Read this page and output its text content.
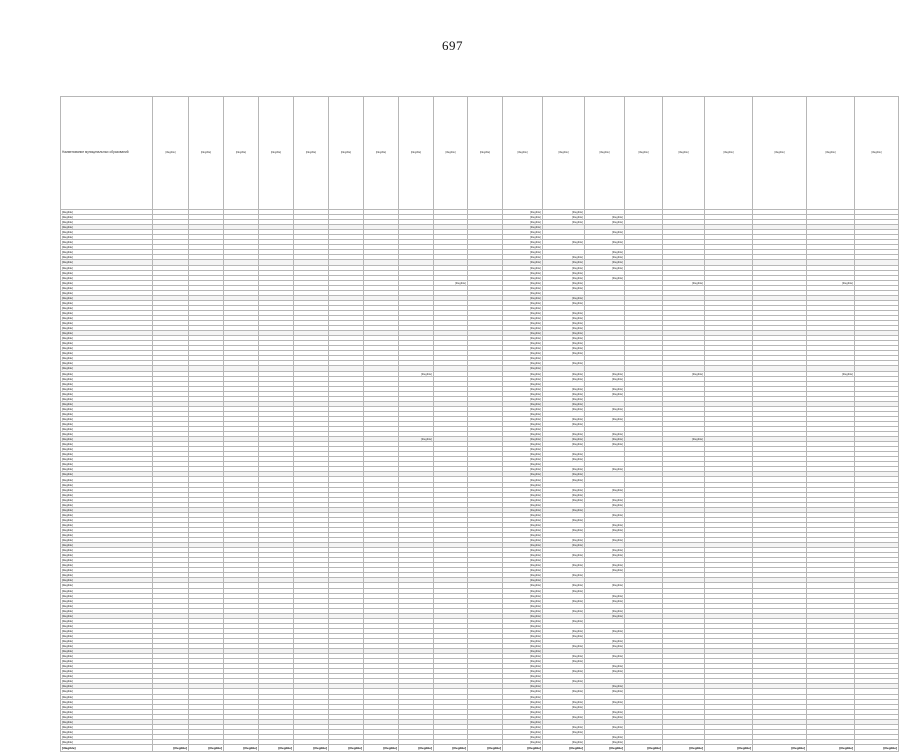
697
Наименование муниципальных образований	[illegible]	[illegible]	[illegible]	[illegible]	[illegible]	[illegible]	[illegible]	[illegible]	[illegible]	[illegible]	[illegible]	[illegible]	[illegible]	[illegible]	[illegible]	[illegible]	[illegible]	[illegible]	[illegible]
[illegible]											[illegible]	[illegible]							
[illegible]											[illegible]	[illegible]	[illegible]						
[illegible]											[illegible]	[illegible]	[illegible]						
[illegible]											[illegible]								
[illegible]											[illegible]		[illegible]						
[illegible]											[illegible]								
[illegible]											[illegible]	[illegible]	[illegible]						
[illegible]											[illegible]								
[illegible]											[illegible]		[illegible]						
[illegible]											[illegible]	[illegible]	[illegible]						
[illegible]											[illegible]	[illegible]	[illegible]						
[illegible]											[illegible]	[illegible]	[illegible]						
[illegible]											[illegible]	[illegible]							
[illegible]											[illegible]	[illegible]	[illegible]						
[illegible]									[illegible]		[illegible]	[illegible]			[illegible]			[illegible]	
[illegible]											[illegible]	[illegible]							
[illegible]											[illegible]								
[illegible]											[illegible]	[illegible]							
[illegible]											[illegible]	[illegible]							
[illegible]											[illegible]								
[illegible]											[illegible]	[illegible]							
[illegible]											[illegible]	[illegible]							
[illegible]											[illegible]	[illegible]							
[illegible]											[illegible]	[illegible]							
[illegible]											[illegible]	[illegible]							
[illegible]											[illegible]	[illegible]							
[illegible]											[illegible]	[illegible]							
[illegible]											[illegible]	[illegible]							
[illegible]											[illegible]	[illegible]							
[illegible]											[illegible]								
[illegible]											[illegible]	[illegible]							
[illegible]											[illegible]								
[illegible]								[illegible]			[illegible]	[illegible]	[illegible]		[illegible]			[illegible]	
[illegible]											[illegible]	[illegible]	[illegible]						
[illegible]											[illegible]								
[illegible]											[illegible]	[illegible]	[illegible]						
[illegible]											[illegible]	[illegible]	[illegible]						
[illegible]											[illegible]	[illegible]							
[illegible]											[illegible]	[illegible]							
[illegible]											[illegible]	[illegible]	[illegible]						
[illegible]											[illegible]								
[illegible]											[illegible]	[illegible]	[illegible]						
[illegible]											[illegible]	[illegible]							
[illegible]											[illegible]								
[illegible]											[illegible]	[illegible]	[illegible]						
[illegible]								[illegible]			[illegible]	[illegible]	[illegible]		[illegible]				
[illegible]											[illegible]	[illegible]	[illegible]						
[illegible]											[illegible]								
[illegible]											[illegible]	[illegible]							
[illegible]											[illegible]	[illegible]							
[illegible]											[illegible]								
[illegible]											[illegible]	[illegible]	[illegible]						
[illegible]											[illegible]	[illegible]							
[illegible]											[illegible]	[illegible]							
[illegible]											[illegible]								
[illegible]											[illegible]	[illegible]	[illegible]						
[illegible]											[illegible]	[illegible]							
[illegible]											[illegible]	[illegible]	[illegible]						
[illegible]											[illegible]		[illegible]						
[illegible]											[illegible]	[illegible]							
[illegible]											[illegible]		[illegible]						
[illegible]											[illegible]	[illegible]							
[illegible]											[illegible]		[illegible]						
[illegible]											[illegible]	[illegible]	[illegible]						
[illegible]											[illegible]								
[illegible]											[illegible]	[illegible]	[illegible]						
[illegible]											[illegible]	[illegible]							
[illegible]											[illegible]		[illegible]						
[illegible]											[illegible]	[illegible]	[illegible]						
[illegible]											[illegible]								
[illegible]											[illegible]	[illegible]	[illegible]						
[illegible]											[illegible]		[illegible]						
[illegible]											[illegible]	[illegible]							
[illegible]											[illegible]								
[illegible]											[illegible]	[illegible]	[illegible]						
[illegible]											[illegible]	[illegible]							
[illegible]											[illegible]		[illegible]						
[illegible]											[illegible]	[illegible]	[illegible]						
[illegible]											[illegible]								
[illegible]											[illegible]	[illegible]	[illegible]						
[illegible]											[illegible]		[illegible]						
[illegible]											[illegible]	[illegible]							
[illegible]											[illegible]								
[illegible]											[illegible]	[illegible]	[illegible]						
[illegible]											[illegible]	[illegible]							
[illegible]											[illegible]		[illegible]						
[illegible]											[illegible]	[illegible]	[illegible]						
[illegible]											[illegible]								
[illegible]											[illegible]	[illegible]	[illegible]						
[illegible]											[illegible]	[illegible]							
[illegible]											[illegible]		[illegible]						
[illegible]											[illegible]	[illegible]	[illegible]						
[illegible]											[illegible]								
[illegible]											[illegible]	[illegible]							
[illegible]											[illegible]		[illegible]						
[illegible]											[illegible]	[illegible]	[illegible]						
[illegible]											[illegible]								
[illegible]											[illegible]	[illegible]	[illegible]						
[illegible]											[illegible]	[illegible]							
[illegible]											[illegible]		[illegible]						
[illegible]											[illegible]	[illegible]	[illegible]						
[illegible]											[illegible]								
[illegible]											[illegible]	[illegible]	[illegible]						
[illegible]											[illegible]	[illegible]							
[illegible]											[illegible]		[illegible]						
[illegible]											[illegible]	[illegible]	[illegible]						
[illegible]	[illegible]	[illegible]	[illegible]	[illegible]	[illegible]	[illegible]	[illegible]	[illegible]	[illegible]	[illegible]	[illegible]	[illegible]	[illegible]	[illegible]	[illegible]	[illegible]	[illegible]	[illegible]	[illegible]
